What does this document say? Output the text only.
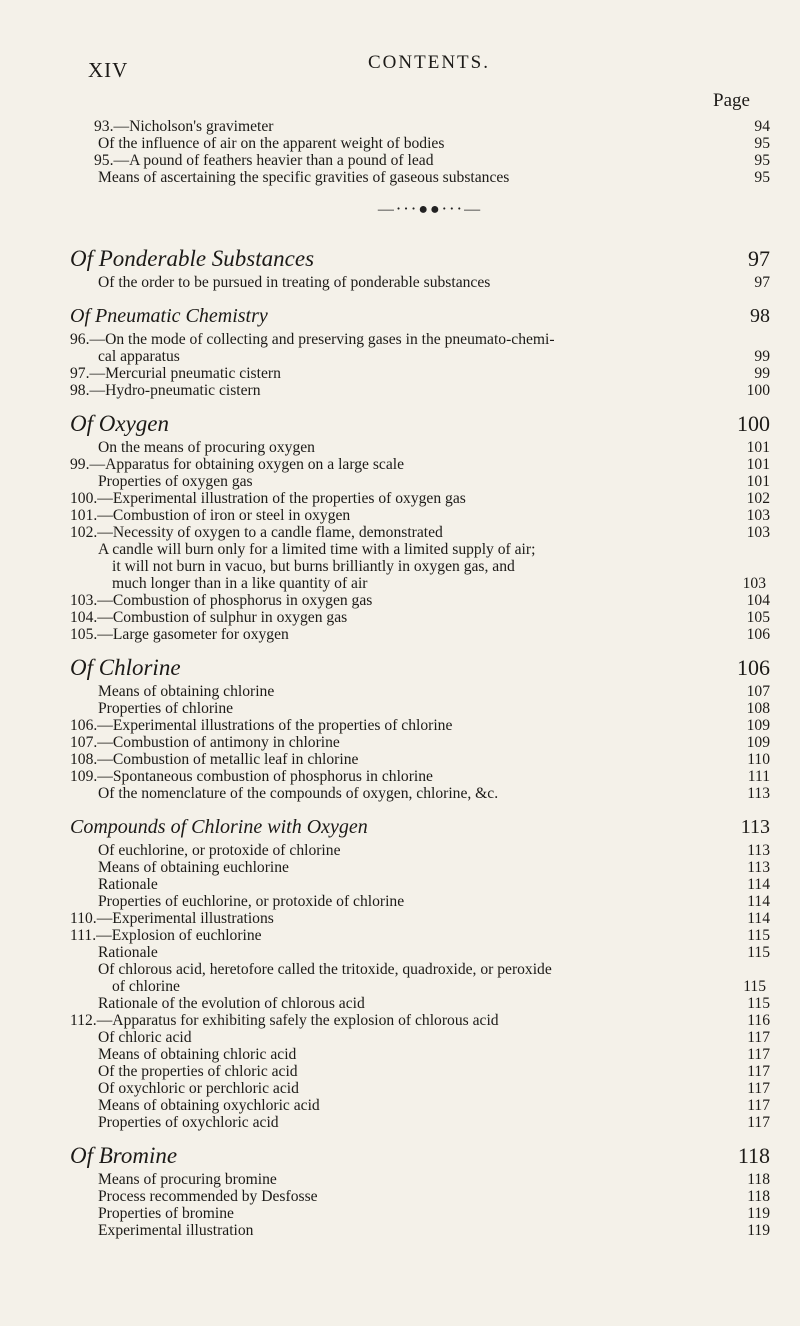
XIV	CONTENTS.
Page
93.—Nicholson's gravimeter	94
Of the influence of air on the apparent weight of bodies	95
95.—A pound of feathers heavier than a pound of lead	95
Means of ascertaining the specific gravities of gaseous substances	95
—⋅⋅⋅●●⋅⋅⋅—
Of Ponderable Substances	97
Of the order to be pursued in treating of ponderable substances	97
Of Pneumatic Chemistry	98
96.—On the mode of collecting and preserving gases in the pneumato-chemi-
cal apparatus	99
97.—Mercurial pneumatic cistern	99
98.—Hydro-pneumatic cistern	100
Of Oxygen	100
On the means of procuring oxygen	101
99.—Apparatus for obtaining oxygen on a large scale	101
Properties of oxygen gas	101
100.—Experimental illustration of the properties of oxygen gas	102
101.—Combustion of iron or steel in oxygen	103
102.—Necessity of oxygen to a candle flame, demonstrated	103
A candle will burn only for a limited time with a limited supply of air;
it will not burn in vacuo, but burns brilliantly in oxygen gas, and
much longer than in a like quantity of air	103
103.—Combustion of phosphorus in oxygen gas	104
104.—Combustion of sulphur in oxygen gas	105
105.—Large gasometer for oxygen	106
Of Chlorine	106
Means of obtaining chlorine	107
Properties of chlorine	108
106.—Experimental illustrations of the properties of chlorine	109
107.—Combustion of antimony in chlorine	109
108.—Combustion of metallic leaf in chlorine	110
109.—Spontaneous combustion of phosphorus in chlorine	111
Of the nomenclature of the compounds of oxygen, chlorine, &c.	113
Compounds of Chlorine with Oxygen	113
Of euchlorine, or protoxide of chlorine	113
Means of obtaining euchlorine	113
Rationale	114
Properties of euchlorine, or protoxide of chlorine	114
110.—Experimental illustrations	114
111.—Explosion of euchlorine	115
Rationale	115
Of chlorous acid, heretofore called the tritoxide, quadroxide, or peroxide
of chlorine	115
Rationale of the evolution of chlorous acid	115
112.—Apparatus for exhibiting safely the explosion of chlorous acid	116
Of chloric acid	117
Means of obtaining chloric acid	117
Of the properties of chloric acid	117
Of oxychloric or perchloric acid	117
Means of obtaining oxychloric acid	117
Properties of oxychloric acid	117
Of Bromine	118
Means of procuring bromine	118
Process recommended by Desfosse	118
Properties of bromine	119
Experimental illustration	119
